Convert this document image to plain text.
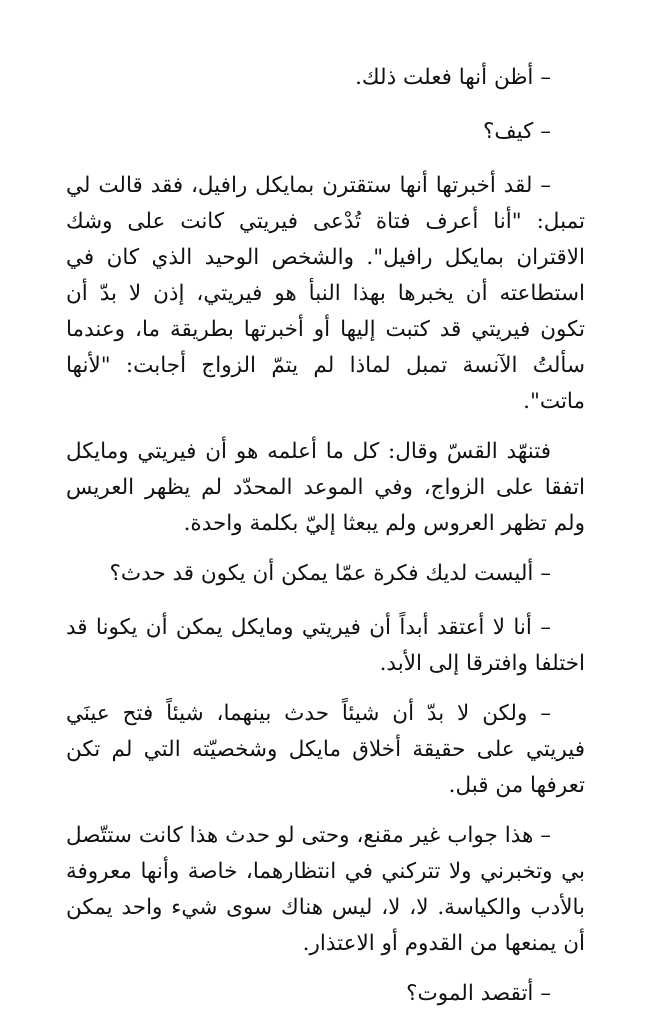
– أظن أنها فعلت ذلك.

– كيف؟

– لقد أخبرتها أنها ستقترن بمايكل رافيل، فقد قالت لي تمبل: "أنا أعرف فتاة تُدْعى فيريتي كانت على وشك الاقتران بمايكل رافيل". والشخص الوحيد الذي كان في استطاعته أن يخبرها بهذا النبأ هو فيريتي، إذن لا بدّ أن تكون فيريتي قد كتبت إليها أو أخبرتها بطريقة ما، وعندما سألتُ الآنسة تمبل لماذا لم يتمّ الزواج أجابت: "لأنها ماتت".

فتنهّد القسّ وقال: كل ما أعلمه هو أن فيريتي ومايكل اتفقا على الزواج، وفي الموعد المحدّد لم يظهر العريس ولم تظهر العروس ولم يبعثا إليّ بكلمة واحدة.

– أليست لديك فكرة عمّا يمكن أن يكون قد حدث؟

– أنا لا أعتقد أبداً أن فيريتي ومايكل يمكن أن يكونا قد اختلفا وافترقا إلى الأبد.

– ولكن لا بدّ أن شيئاً حدث بينهما، شيئاً فتح عينَي فيريتي على حقيقة أخلاق مايكل وشخصيّته التي لم تكن تعرفها من قبل.

– هذا جواب غير مقنع، وحتى لو حدث هذا كانت ستتّصل بي وتخبرني ولا تتركني في انتظارهما، خاصة وأنها معروفة بالأدب والكياسة. لا، لا، ليس هناك سوى شيء واحد يمكن أن يمنعها من القدوم أو الاعتذار.

– أتقصد الموت؟
